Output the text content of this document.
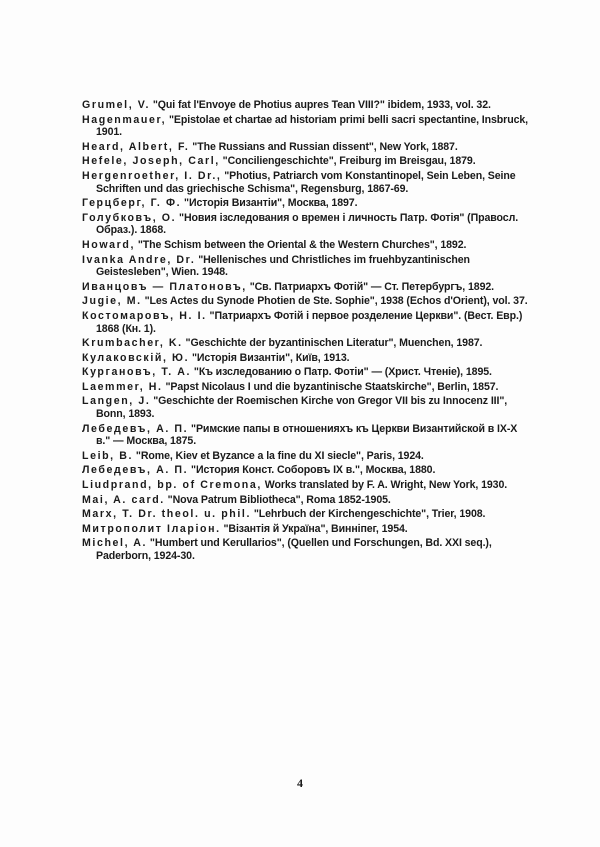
Grumel, V. "Qui fat l'Envoye de Photius aupres Tean VIII?" ibidem, 1933, vol. 32.

Hagenmauer, "Epistolae et chartae ad historiam primi belli sacri spectantine, Insbruck, 1901.

Heard, Albert, F. "The Russians and Russian dissent", New York, 1887.

Hefele, Joseph, Carl, "Conciliengeschichte", Freiburg im Breisgau, 1879.

Hergenroether, I. Dr., "Photius, Patriarch vom Konstantinopel, Sein Leben, Seine Schriften und das griechische Schisma", Regensburg, 1867-69.

Герцберг, Г. Ф. "Исторія Византіи", Москва, 1897.

Голубковъ, О. "Новия ізследования о времен і личность Патр. Фотія" (Правосл. Образ.). 1868.

Howard, "The Schism between the Oriental & the Western Churches", 1892.

Ivanka Andre, Dr. "Hellenisches und Christliches im fruehbyzantinischen Geistesleben", Wien. 1948.

Иванцовъ — Платоновъ, "Св. Патриархъ Фотій" — Ст. Петербургъ, 1892.

Jugie, M. "Les Actes du Synode Photien de Ste. Sophie", 1938 (Echos d'Orient), vol. 37.

Костомаровъ, Н. І. "Патриархъ Фотій і первое розделение Церкви". (Вест. Евр.) 1868 (Кн. 1).

Krumbacher, K. "Geschichte der byzantinischen Literatur", Muenchen, 1987.

Кулаковскій, Ю. "Исторія Византіи", Київ, 1913.

Кургановъ, Т. А. "Къ изследованию о Патр. Фотіи" — (Христ. Чтеніе), 1895.

Laemmer, H. "Papst Nicolaus I und die byzantinische Staatskirche", Berlin, 1857.

Langen, J. "Geschichte der Roemischen Kirche von Gregor VII bis zu Innocenz III", Bonn, 1893.

Лебедевъ, А. П. "Римские папы в отношенияхъ къ Церкви Византийской в IX-X в." — Москва, 1875.

Leib, B. "Rome, Kiev et Byzance a la fine du XI siecle", Paris, 1924.

Лебедевъ, А. П. "История Конст. Соборовъ IX в.", Москва, 1880.

Liudprand, bp. of Cremona, Works translated by F. A. Wright, New York, 1930.

Mai, A. card. "Nova Patrum Bibliotheca", Roma 1852-1905.

Marx, T. Dr. theol. u. phil. "Lehrbuch der Kirchengeschichte", Trier, 1908.

Митрополит Іларіон. "Візантія й Україна", Винніпег, 1954.

Michel, A. "Humbert und Kerullarios", (Quellen und Forschungen, Bd. XXI seq.), Paderborn, 1924-30.

4
